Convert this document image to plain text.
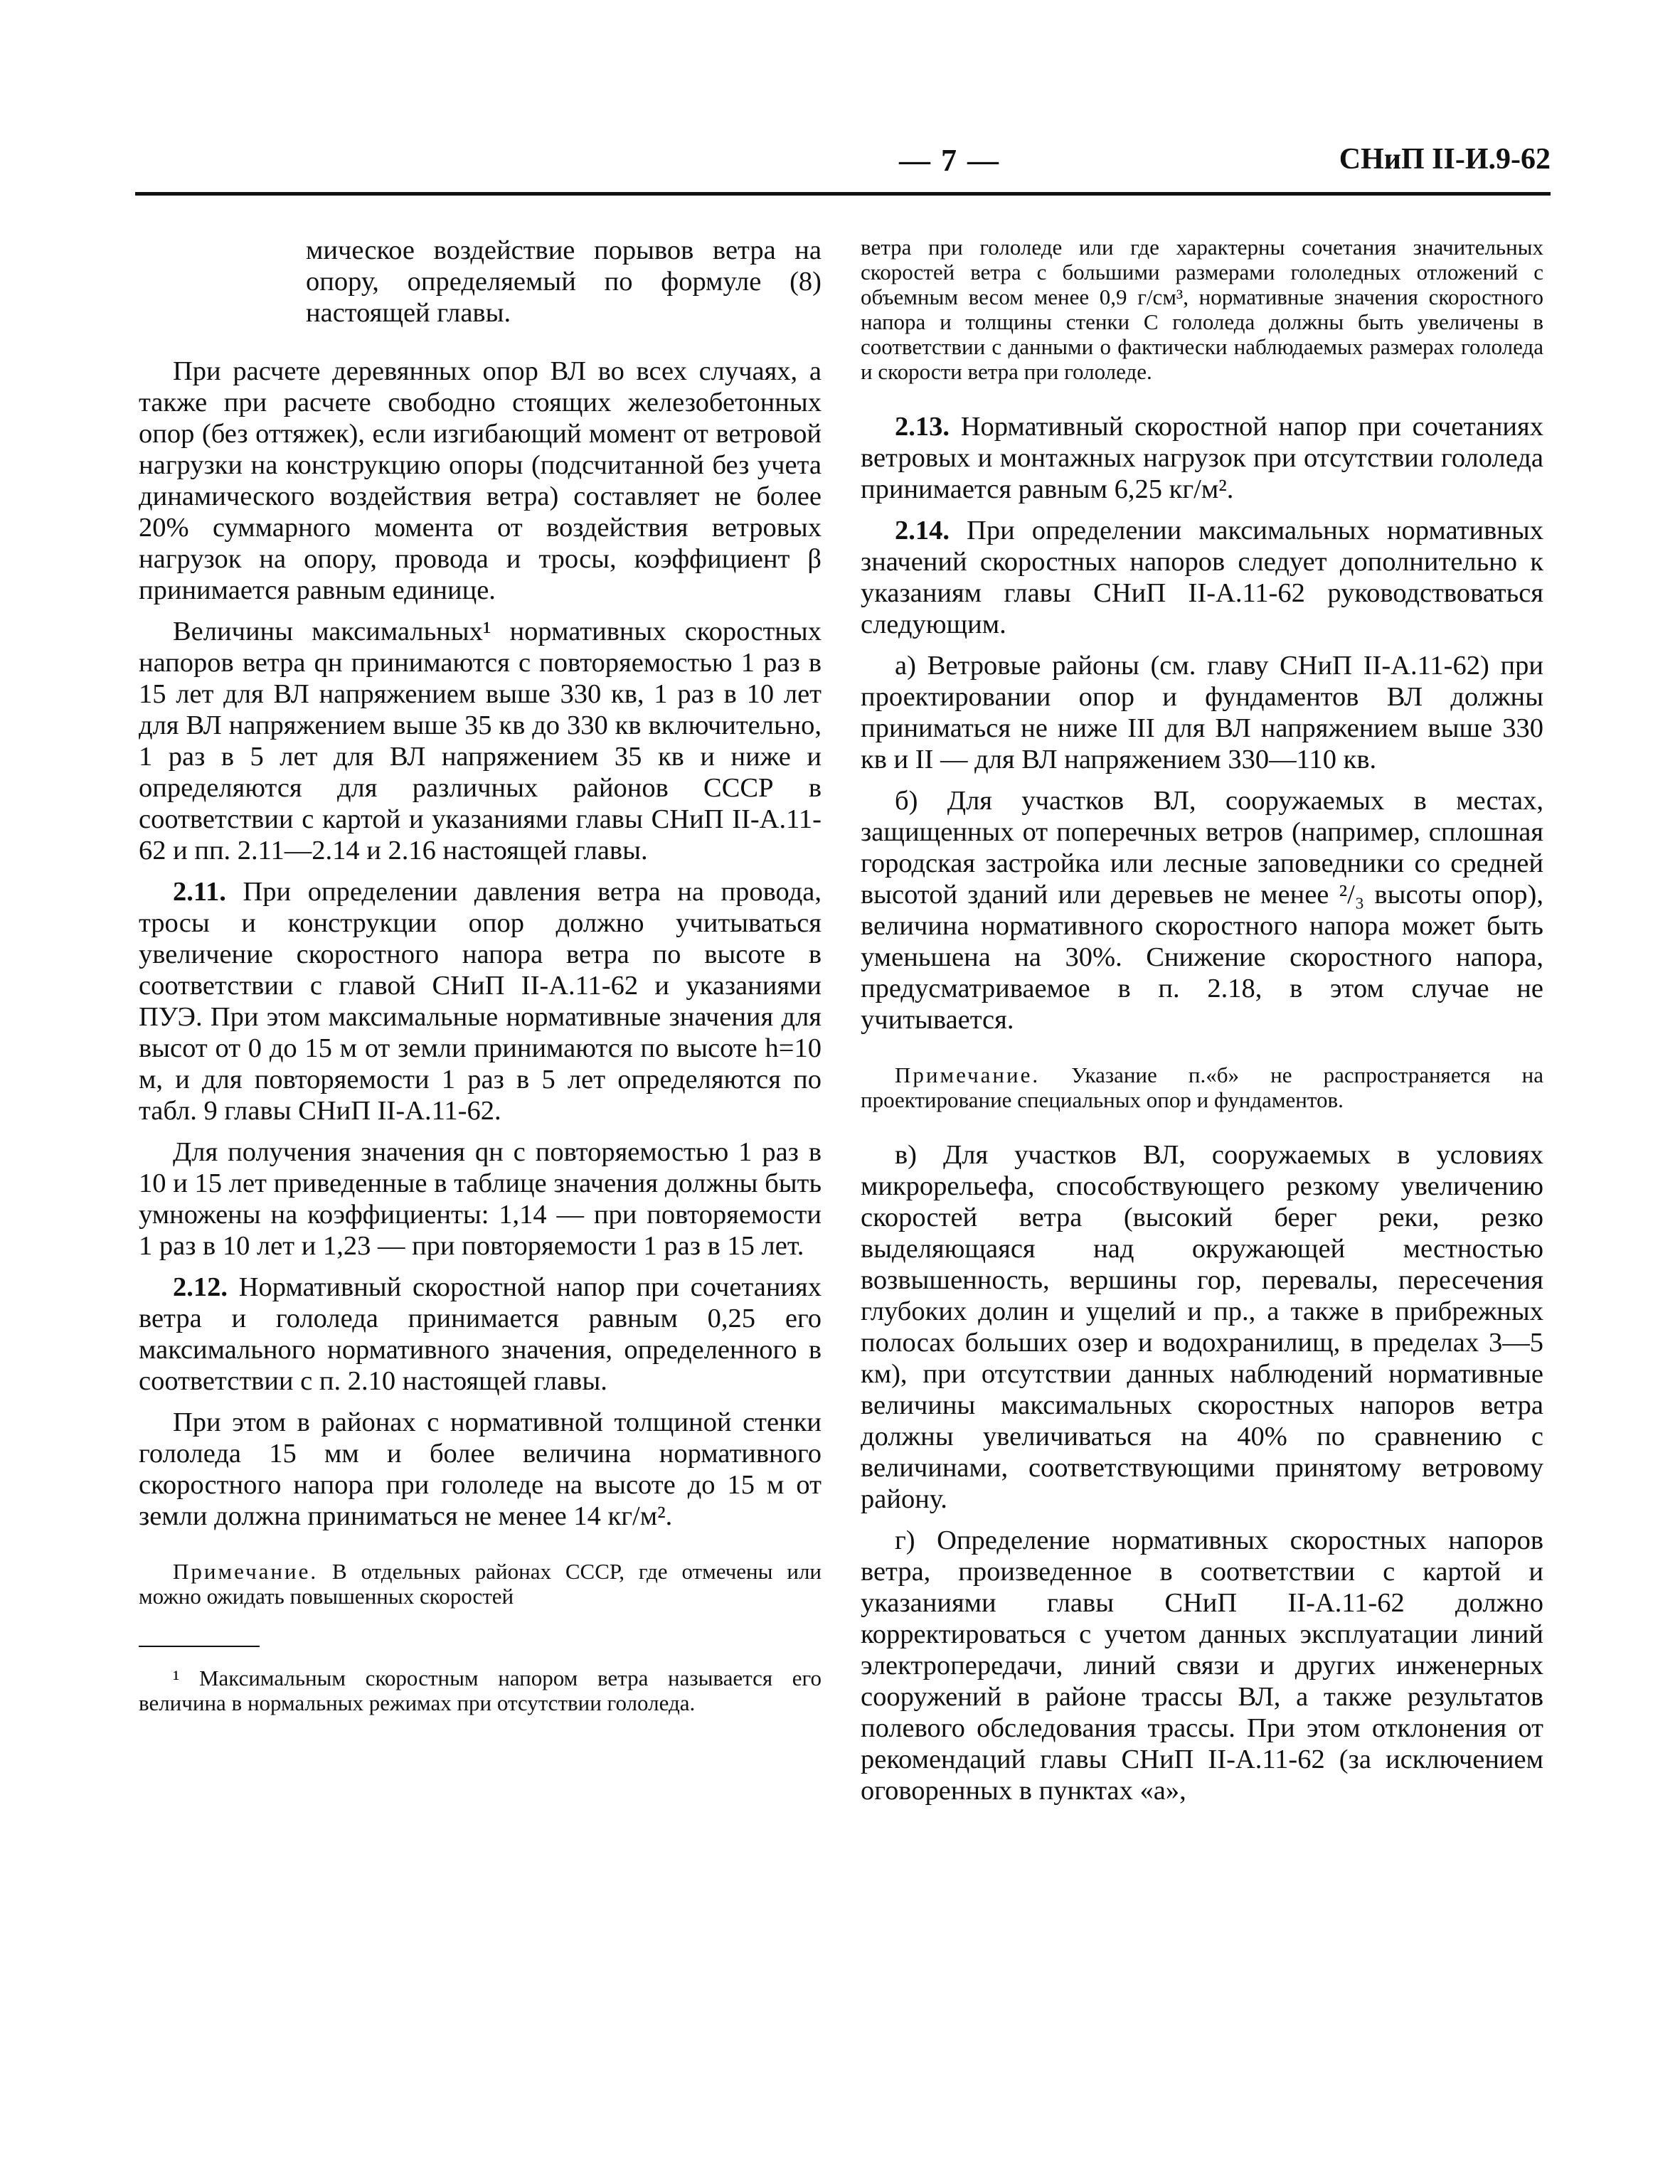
— 7 —	СНиП II-И.9-62

мическое воздействие порывов ветра на опору, определяемый по формуле (8) настоящей главы.

При расчете деревянных опор ВЛ во всех случаях, а также при расчете свободно стоящих железобетонных опор (без оттяжек), если изгибающий момент от ветровой нагрузки на конструкцию опоры (подсчитанной без учета динамического воздействия ветра) составляет не более 20% суммарного момента от воздействия ветровых нагрузок на опору, провода и тросы, коэффициент β принимается равным единице.

Величины максимальных¹ нормативных скоростных напоров ветра qн принимаются с повторяемостью 1 раз в 15 лет для ВЛ напряжением выше 330 кв, 1 раз в 10 лет для ВЛ напряжением выше 35 кв до 330 кв включительно, 1 раз в 5 лет для ВЛ напряжением 35 кв и ниже и определяются для различных районов СССР в соответствии с картой и указаниями главы СНиП II-А.11-62 и пп. 2.11—2.14 и 2.16 настоящей главы.

2.11. При определении давления ветра на провода, тросы и конструкции опор должно учитываться увеличение скоростного напора ветра по высоте в соответствии с главой СНиП II-А.11-62 и указаниями ПУЭ. При этом максимальные нормативные значения для высот от 0 до 15 м от земли принимаются по высоте h=10 м, и для повторяемости 1 раз в 5 лет определяются по табл. 9 главы СНиП II-А.11-62.

Для получения значения qн с повторяемостью 1 раз в 10 и 15 лет приведенные в таблице значения должны быть умножены на коэффициенты: 1,14 — при повторяемости 1 раз в 10 лет и 1,23 — при повторяемости 1 раз в 15 лет.

2.12. Нормативный скоростной напор при сочетаниях ветра и гололеда принимается равным 0,25 его максимального нормативного значения, определенного в соответствии с п. 2.10 настоящей главы.

При этом в районах с нормативной толщиной стенки гололеда 15 мм и более величина нормативного скоростного напора при гололеде на высоте до 15 м от земли должна приниматься не менее 14 кг/м².

Примечание. В отдельных районах СССР, где отмечены или можно ожидать повышенных скоростей

¹ Максимальным скоростным напором ветра называется его величина в нормальных режимах при отсутствии гололеда.

ветра при гололеде или где характерны сочетания значительных скоростей ветра с большими размерами гололедных отложений с объемным весом менее 0,9 г/см³, нормативные значения скоростного напора и толщины стенки С гололеда должны быть увеличены в соответствии с данными о фактически наблюдаемых размерах гололеда и скорости ветра при гололеде.

2.13. Нормативный скоростной напор при сочетаниях ветровых и монтажных нагрузок при отсутствии гололеда принимается равным 6,25 кг/м².

2.14. При определении максимальных нормативных значений скоростных напоров следует дополнительно к указаниям главы СНиП II-А.11-62 руководствоваться следующим.

а) Ветровые районы (см. главу СНиП II-А.11-62) при проектировании опор и фундаментов ВЛ должны приниматься не ниже III для ВЛ напряжением выше 330 кв и II — для ВЛ напряжением 330—110 кв.

б) Для участков ВЛ, сооружаемых в местах, защищенных от поперечных ветров (например, сплошная городская застройка или лесные заповедники со средней высотой зданий или деревьев не менее ²/₃ высоты опор), величина нормативного скоростного напора может быть уменьшена на 30%. Снижение скоростного напора, предусматриваемое в п. 2.18, в этом случае не учитывается.

Примечание. Указание п.«б» не распространяется на проектирование специальных опор и фундаментов.

в) Для участков ВЛ, сооружаемых в условиях микрорельефа, способствующего резкому увеличению скоростей ветра (высокий берег реки, резко выделяющаяся над окружающей местностью возвышенность, вершины гор, перевалы, пересечения глубоких долин и ущелий и пр., а также в прибрежных полосах больших озер и водохранилищ, в пределах 3—5 км), при отсутствии данных наблюдений нормативные величины максимальных скоростных напоров ветра должны увеличиваться на 40% по сравнению с величинами, соответствующими принятому ветровому району.

г) Определение нормативных скоростных напоров ветра, произведенное в соответствии с картой и указаниями главы СНиП II-А.11-62 должно корректироваться с учетом данных эксплуатации линий электропередачи, линий связи и других инженерных сооружений в районе трассы ВЛ, а также результатов полевого обследования трассы. При этом отклонения от рекомендаций главы СНиП II-А.11-62 (за исключением оговоренных в пунктах «а»,
